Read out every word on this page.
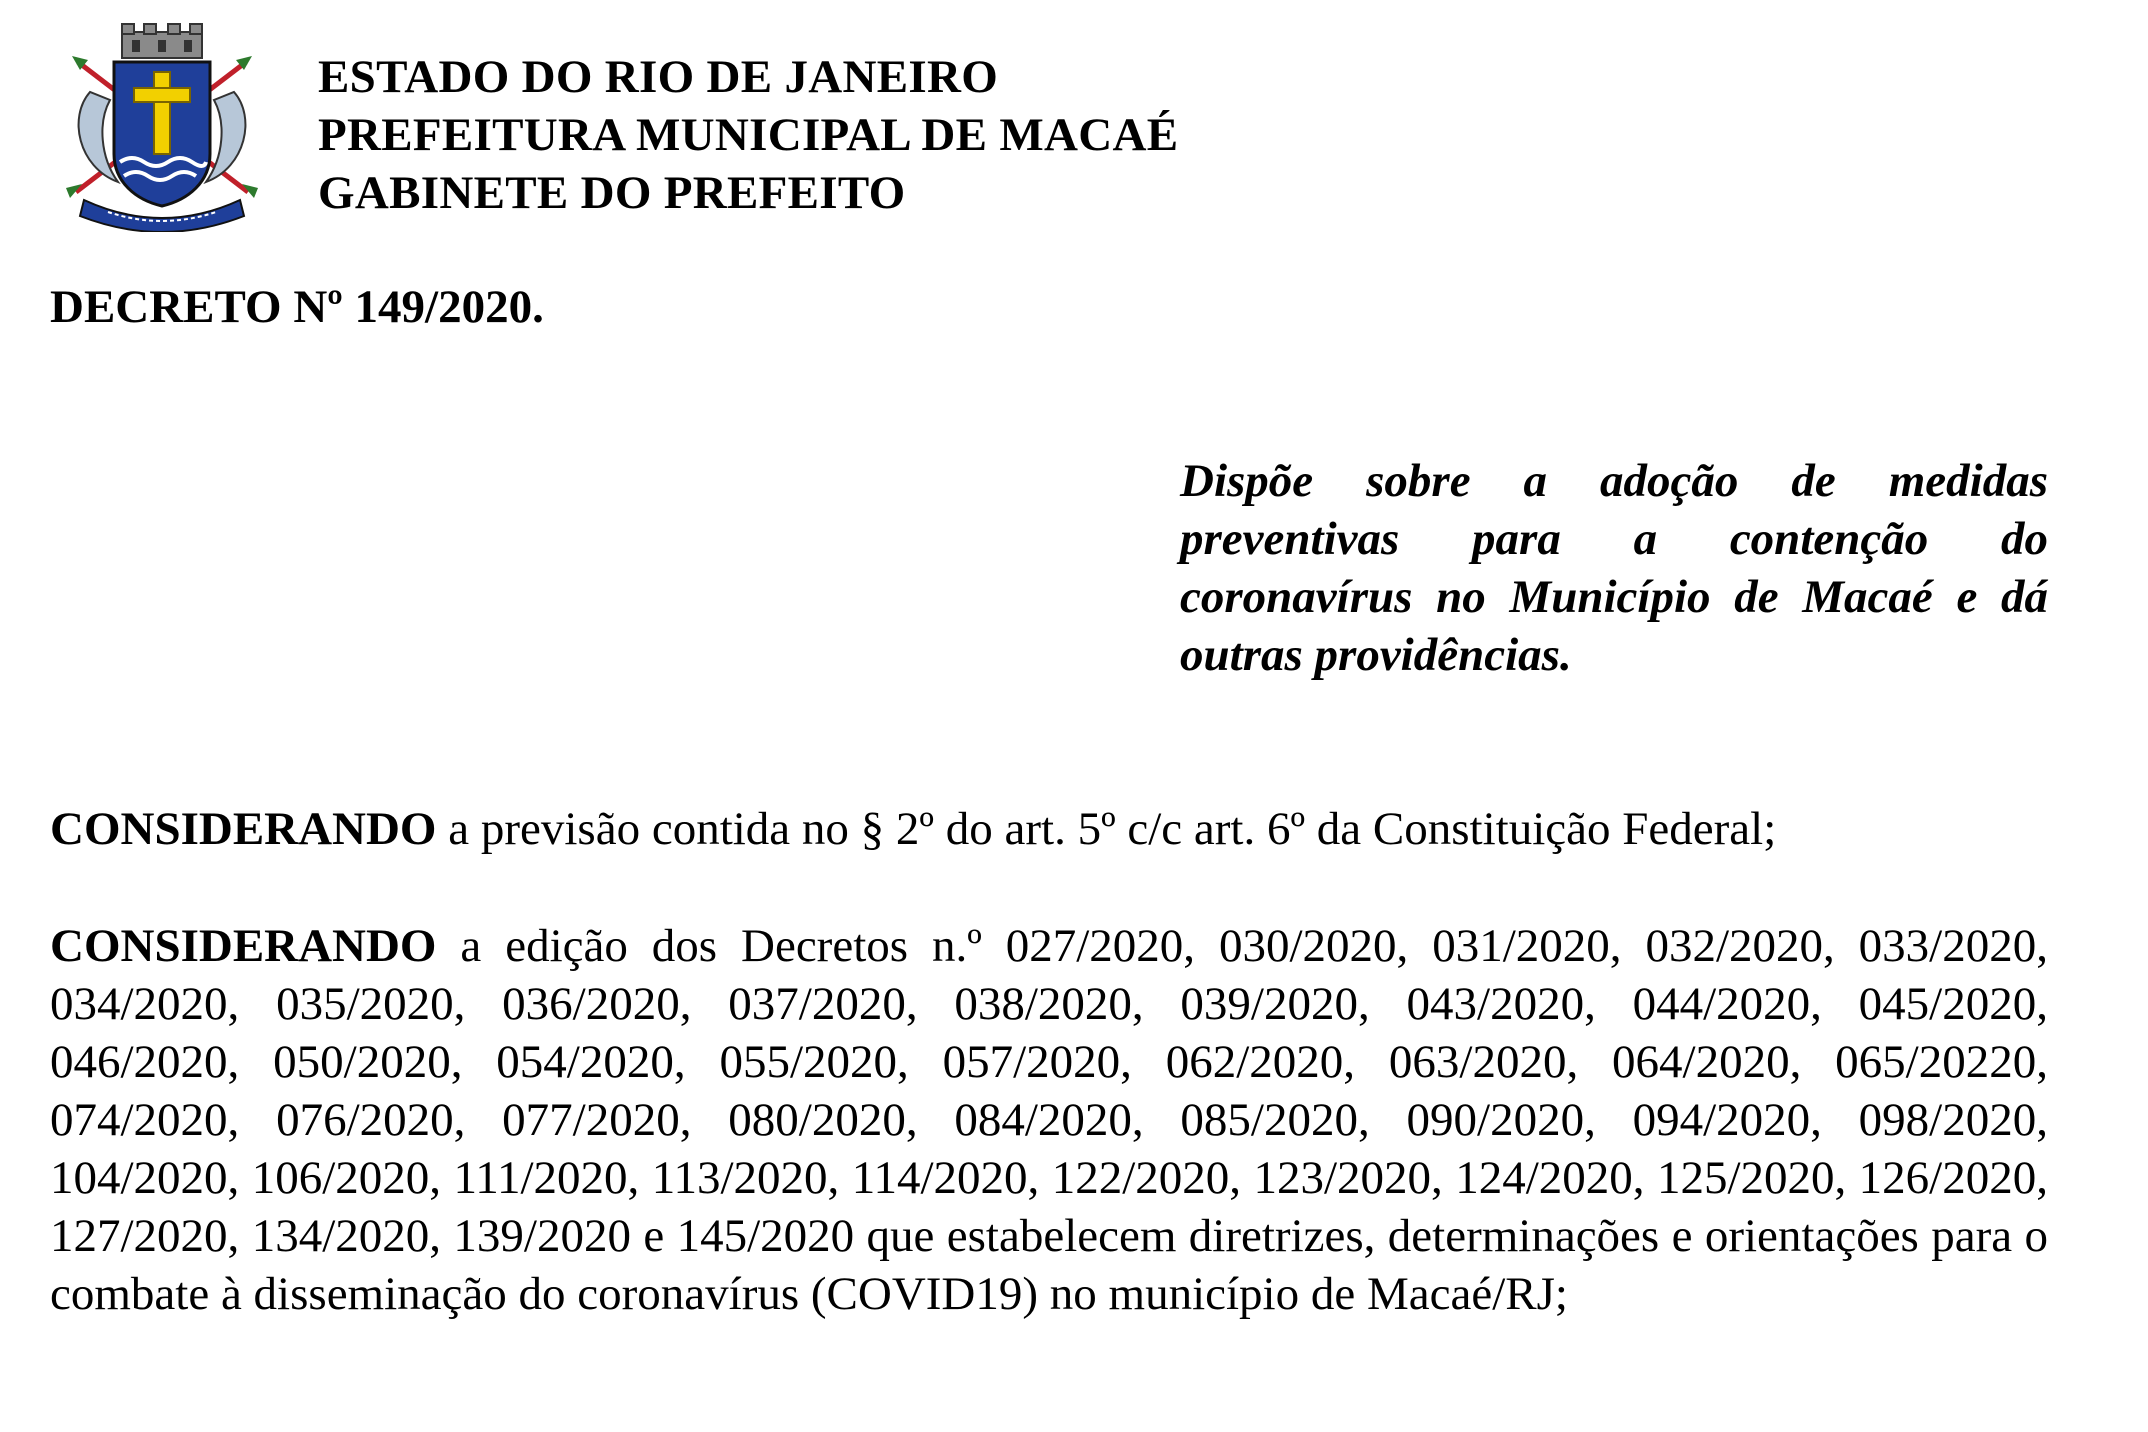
ESTADO DO RIO DE JANEIRO
PREFEITURA MUNICIPAL DE MACAÉ
GABINETE DO PREFEITO
DECRETO Nº 149/2020.
Dispõe sobre a adoção de medidas preventivas para a contenção do coronavírus no Município de Macaé e dá outras providências.
CONSIDERANDO a previsão contida no § 2º do art. 5º c/c art. 6º da Constituição Federal;
CONSIDERANDO a edição dos Decretos n.º 027/2020, 030/2020, 031/2020, 032/2020, 033/2020, 034/2020, 035/2020, 036/2020, 037/2020, 038/2020, 039/2020, 043/2020, 044/2020, 045/2020, 046/2020, 050/2020, 054/2020, 055/2020, 057/2020, 062/2020, 063/2020, 064/2020, 065/20220, 074/2020, 076/2020, 077/2020, 080/2020, 084/2020, 085/2020, 090/2020, 094/2020, 098/2020, 104/2020, 106/2020, 111/2020, 113/2020, 114/2020, 122/2020, 123/2020, 124/2020, 125/2020, 126/2020, 127/2020, 134/2020, 139/2020 e 145/2020 que estabelecem diretrizes, determinações e orientações para o combate à disseminação do coronavírus (COVID19) no município de Macaé/RJ;
